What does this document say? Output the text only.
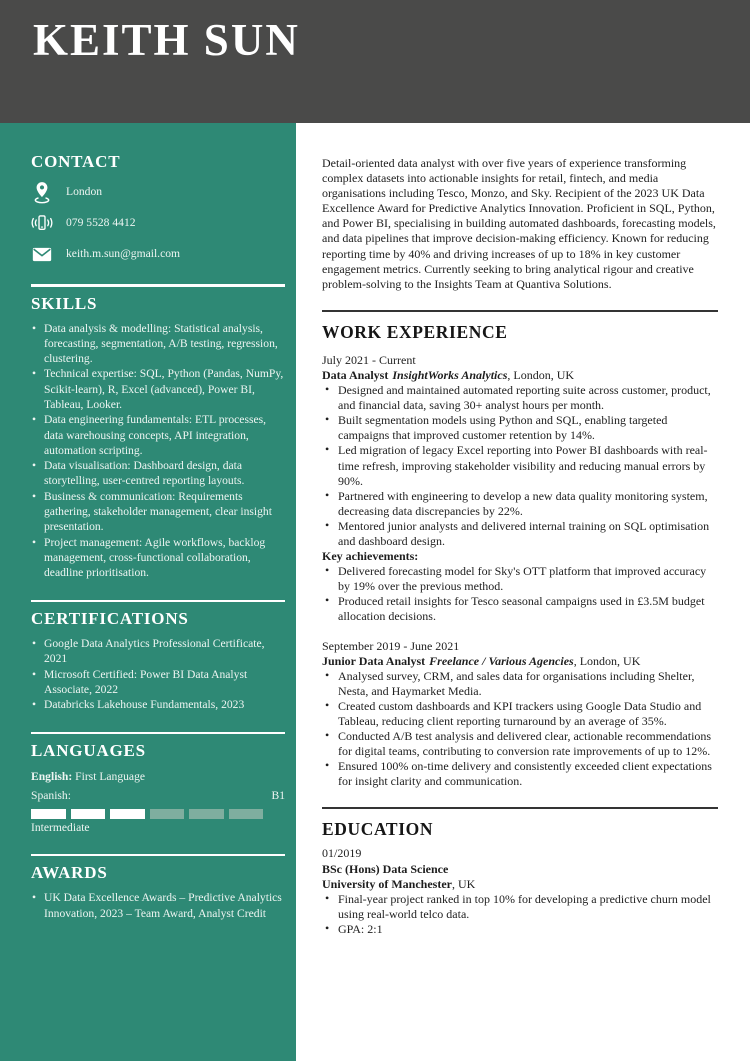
KEITH SUN
CONTACT
London
079 5528 4412
keith.m.sun@gmail.com
SKILLS
• Data analysis & modelling: Statistical analysis, forecasting, segmentation, A/B testing, regression, clustering.
• Technical expertise: SQL, Python (Pandas, NumPy, Scikit-learn), R, Excel (advanced), Power BI, Tableau, Looker.
• Data engineering fundamentals: ETL processes, data warehousing concepts, API integration, automation scripting.
• Data visualisation: Dashboard design, data storytelling, user-centred reporting layouts.
• Business & communication: Requirements gathering, stakeholder management, clear insight presentation.
• Project management: Agile workflows, backlog management, cross-functional collaboration, deadline prioritisation.
CERTIFICATIONS
• Google Data Analytics Professional Certificate, 2021
• Microsoft Certified: Power BI Data Analyst Associate, 2022
• Databricks Lakehouse Fundamentals, 2023
LANGUAGES
English: First Language
Spanish:	B1
Intermediate
AWARDS
• UK Data Excellence Awards – Predictive Analytics Innovation, 2023 – Team Award, Analyst Credit
Detail-oriented data analyst with over five years of experience transforming complex datasets into actionable insights for retail, fintech, and media organisations including Tesco, Monzo, and Sky. Recipient of the 2023 UK Data Excellence Award for Predictive Analytics Innovation. Proficient in SQL, Python, and Power BI, specialising in building automated dashboards, forecasting models, and data pipelines that improve decision-making efficiency. Known for reducing reporting time by 40% and driving increases of up to 18% in key customer engagement metrics. Currently seeking to bring analytical rigour and creative problem-solving to the Insights Team at Quantiva Solutions.
WORK EXPERIENCE
July 2021 - Current
Data Analyst InsightWorks Analytics, London, UK
• Designed and maintained automated reporting suite across customer, product, and financial data, saving 30+ analyst hours per month.
• Built segmentation models using Python and SQL, enabling targeted campaigns that improved customer retention by 14%.
• Led migration of legacy Excel reporting into Power BI dashboards with real-time refresh, improving stakeholder visibility and reducing manual errors by 90%.
• Partnered with engineering to develop a new data quality monitoring system, decreasing data discrepancies by 22%.
• Mentored junior analysts and delivered internal training on SQL optimisation and dashboard design.
Key achievements:
• Delivered forecasting model for Sky's OTT platform that improved accuracy by 19% over the previous method.
• Produced retail insights for Tesco seasonal campaigns used in £3.5M budget allocation decisions.
September 2019 - June 2021
Junior Data Analyst Freelance / Various Agencies, London, UK
• Analysed survey, CRM, and sales data for organisations including Shelter, Nesta, and Haymarket Media.
• Created custom dashboards and KPI trackers using Google Data Studio and Tableau, reducing client reporting turnaround by an average of 35%.
• Conducted A/B test analysis and delivered clear, actionable recommendations for digital teams, contributing to conversion rate improvements of up to 12%.
• Ensured 100% on-time delivery and consistently exceeded client expectations for insight clarity and communication.
EDUCATION
01/2019
BSc (Hons) Data Science
University of Manchester, UK
• Final-year project ranked in top 10% for developing a predictive churn model using real-world telco data.
• GPA: 2:1
